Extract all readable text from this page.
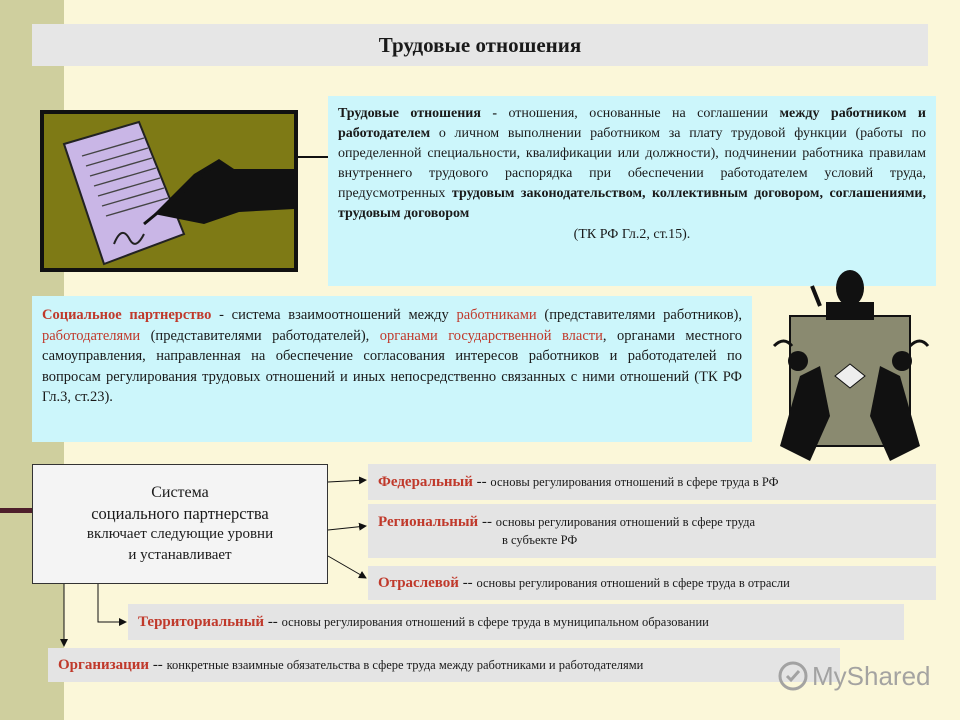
Трудовые отношения
Трудовые отношения - отношения, основанные на соглашении между работником и работодателем о личном выполнении работником за плату трудовой функции (работы по определенной специальности, квалификации или должности), подчинении работника правилам внутреннего трудового распорядка при обеспечении работодателем условий труда, предусмотренных трудовым законодательством, коллективным договором, соглашениями, трудовым договором
(ТК РФ Гл.2, ст.15).
Социальное партнерство - система взаимоотношений между работниками (представителями работников), работодателями (представителями работодателей), органами государственной власти, органами местного самоуправления, направленная на обеспечение согласования интересов работников и работодателей по вопросам регулирования трудовых отношений и иных непосредственно связанных с ними отношений (ТК РФ Гл.3, ст.23).
Система
социального партнерства
включает следующие уровни
и устанавливает
Федеральный -- основы регулирования отношений в сфере труда в РФ
Региональный -- основы регулирования отношений в сфере труда
в субъекте РФ
Отраслевой -- основы регулирования отношений в сфере труда в отрасли
Территориальный -- основы регулирования отношений в сфере труда в муниципальном образовании
Организации -- конкретные взаимные обязательства в сфере труда между работниками и работодателями	MyShared
